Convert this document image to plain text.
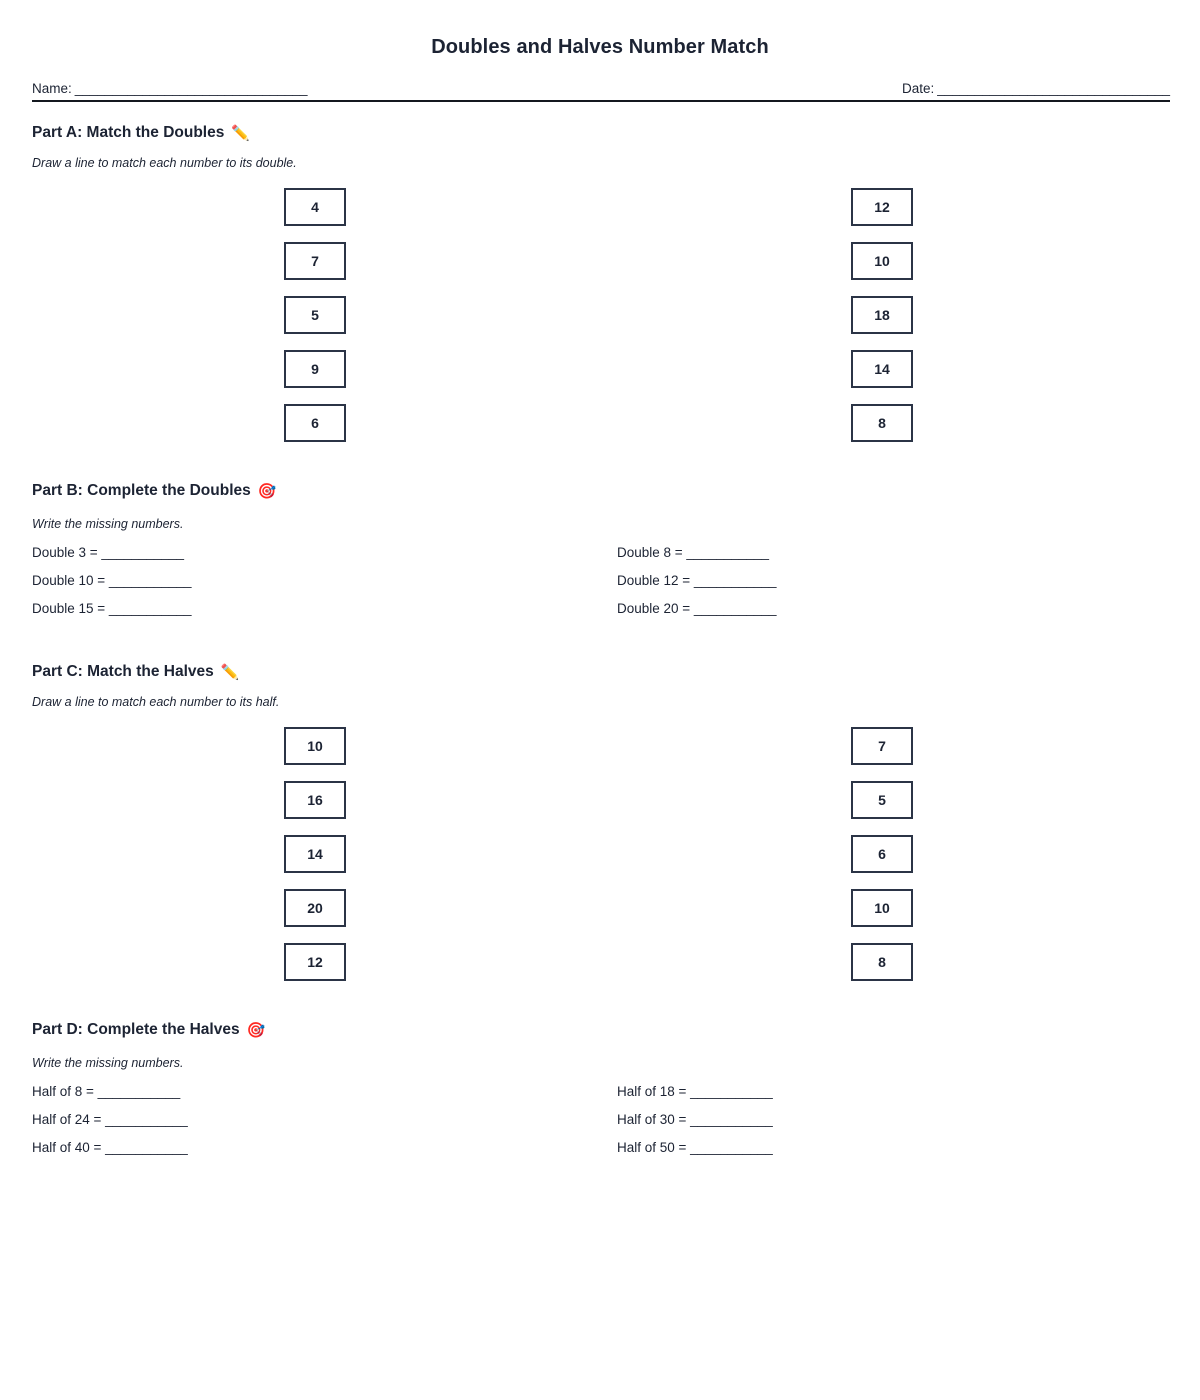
Doubles and Halves Number Match
Name: _______________________________	Date: _______________________________
Part A: Match the Doubles ✏️

Draw a line to match each number to its double.

4
7
5
9
6
12
10
18
14
8
Part B: Complete the Doubles 🎯

Write the missing numbers.

Double 3 = ___________
Double 10 = ___________
Double 15 = ___________
Double 8 = ___________
Double 12 = ___________
Double 20 = ___________
Part C: Match the Halves ✏️

Draw a line to match each number to its half.

10
16
14
20
12
7
5
6
10
8
Part D: Complete the Halves 🎯

Write the missing numbers.

Half of 8 = ___________
Half of 24 = ___________
Half of 40 = ___________
Half of 18 = ___________
Half of 30 = ___________
Half of 50 = ___________
